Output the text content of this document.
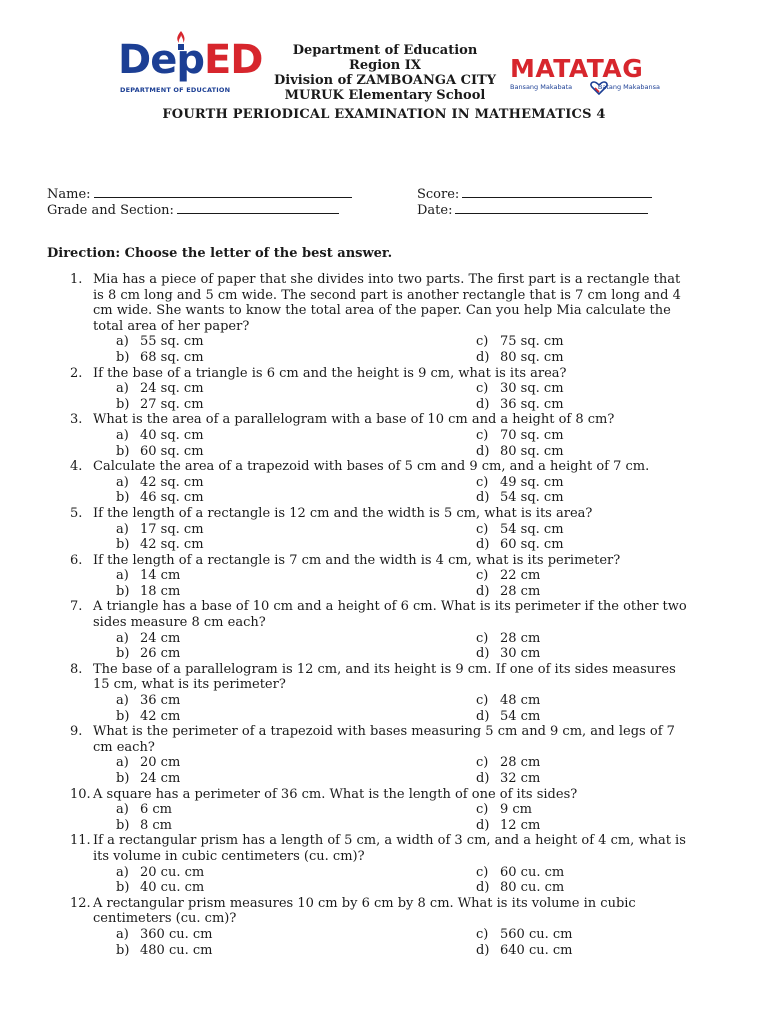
DepED
DEPARTMENT OF EDUCATION
Department of Education
Region IX
Division of ZAMBOANGA CITY
MURUK Elementary School
MATATAG
Bansang Makabata	Batang Makabansa
FOURTH PERIODICAL EXAMINATION IN MATHEMATICS 4
Name:	Score:
Grade and Section:	Date:
Direction: Choose the letter of the best answer.
1. Mia has a piece of paper that she divides into two parts. The first part is a rectangle that
is 8 cm long and 5 cm wide. The second part is another rectangle that is 7 cm long and 4
cm wide. She wants to know the total area of the paper. Can you help Mia calculate the
total area of her paper?
a) 55 sq. cm	c) 75 sq. cm
b) 68 sq. cm	d) 80 sq. cm
2. If the base of a triangle is 6 cm and the height is 9 cm, what is its area?
a) 24 sq. cm	c) 30 sq. cm
b) 27 sq. cm	d) 36 sq. cm
3. What is the area of a parallelogram with a base of 10 cm and a height of 8 cm?
a) 40 sq. cm	c) 70 sq. cm
b) 60 sq. cm	d) 80 sq. cm
4. Calculate the area of a trapezoid with bases of 5 cm and 9 cm, and a height of 7 cm.
a) 42 sq. cm	c) 49 sq. cm
b) 46 sq. cm	d) 54 sq. cm
5. If the length of a rectangle is 12 cm and the width is 5 cm, what is its area?
a) 17 sq. cm	c) 54 sq. cm
b) 42 sq. cm	d) 60 sq. cm
6. If the length of a rectangle is 7 cm and the width is 4 cm, what is its perimeter?
a) 14 cm	c) 22 cm
b) 18 cm	d) 28 cm
7. A triangle has a base of 10 cm and a height of 6 cm. What is its perimeter if the other two
sides measure 8 cm each?
a) 24 cm	c) 28 cm
b) 26 cm	d) 30 cm
8. The base of a parallelogram is 12 cm, and its height is 9 cm. If one of its sides measures
15 cm, what is its perimeter?
a) 36 cm	c) 48 cm
b) 42 cm	d) 54 cm
9. What is the perimeter of a trapezoid with bases measuring 5 cm and 9 cm, and legs of 7
cm each?
a) 20 cm	c) 28 cm
b) 24 cm	d) 32 cm
10. A square has a perimeter of 36 cm. What is the length of one of its sides?
a) 6 cm	c) 9 cm
b) 8 cm	d) 12 cm
11. If a rectangular prism has a length of 5 cm, a width of 3 cm, and a height of 4 cm, what is
its volume in cubic centimeters (cu. cm)?
a) 20 cu. cm	c) 60 cu. cm
b) 40 cu. cm	d) 80 cu. cm
12. A rectangular prism measures 10 cm by 6 cm by 8 cm. What is its volume in cubic
centimeters (cu. cm)?
a) 360 cu. cm	c) 560 cu. cm
b) 480 cu. cm	d) 640 cu. cm
